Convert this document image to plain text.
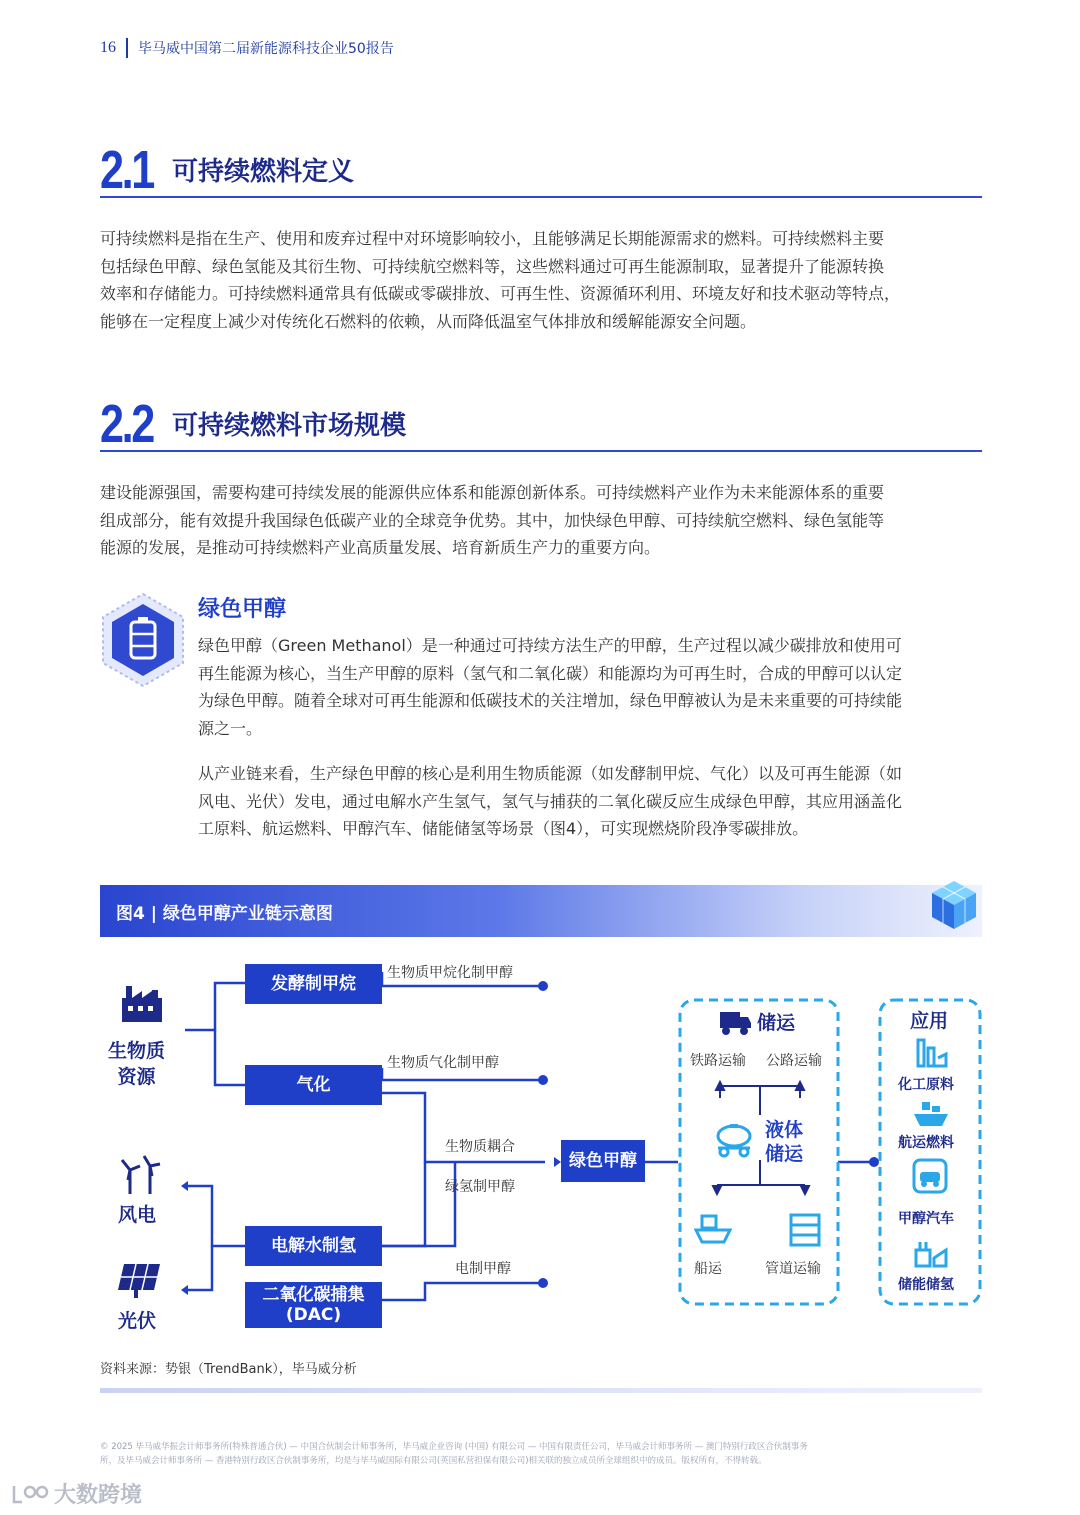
16	毕马威中国第二届新能源科技企业50报告
2.1 可持续燃料定义
可持续燃料是指在生产、使用和废弃过程中对环境影响较小，且能够满足长期能源需求的燃料。可持续燃料主要
包括绿色甲醇、绿色氢能及其衍生物、可持续航空燃料等，这些燃料通过可再生能源制取，显著提升了能源转换
效率和存储能力。可持续燃料通常具有低碳或零碳排放、可再生性、资源循环利用、环境友好和技术驱动等特点，
能够在一定程度上减少对传统化石燃料的依赖，从而降低温室气体排放和缓解能源安全问题。
2.2 可持续燃料市场规模
建设能源强国，需要构建可持续发展的能源供应体系和能源创新体系。可持续燃料产业作为未来能源体系的重要
组成部分，能有效提升我国绿色低碳产业的全球竞争优势。其中，加快绿色甲醇、可持续航空燃料、绿色氢能等
能源的发展，是推动可持续燃料产业高质量发展、培育新质生产力的重要方向。
绿色甲醇
绿色甲醇（Green Methanol）是一种通过可持续方法生产的甲醇，生产过程以减少碳排放和使用可
再生能源为核心，当生产甲醇的原料（氢气和二氧化碳）和能源均为可再生时，合成的甲醇可以认定
为绿色甲醇。随着全球对可再生能源和低碳技术的关注增加，绿色甲醇被认为是未来重要的可持续能
源之一。
从产业链来看，生产绿色甲醇的核心是利用生物质能源（如发酵制甲烷、气化）以及可再生能源（如
风电、光伏）发电，通过电解水产生氢气，氢气与捕获的二氧化碳反应生成绿色甲醇，其应用涵盖化
工原料、航运燃料、甲醇汽车、储能储氢等场景（图4），可实现燃烧阶段净零碳排放。
图4 | 绿色甲醇产业链示意图
生物质
资源
风电
光伏
发酵制甲烷
气化
电解水制氢
二氧化碳捕集
(DAC)
生物质甲烷化制甲醇
生物质气化制甲醇
生物质耦合
绿氢制甲醇
电制甲醇
绿色甲醇
储运
铁路运输 公路运输
液体
储运
船运	管道运输
应用
化工原料
航运燃料
甲醇汽车
储能储氢
资料来源：势银（TrendBank），毕马威分析
© 2025 毕马威华振会计师事务所(特殊普通合伙) — 中国合伙制会计师事务所，毕马威企业咨询 (中国) 有限公司 — 中国有限责任公司，毕马威会计师事务所 — 澳门特别行政区合伙制事务
所，及毕马威会计师事务所 — 香港特别行政区合伙制事务所，均是与毕马威国际有限公司(英国私营担保有限公司)相关联的独立成员所全球组织中的成员。版权所有，不得转载。
大数跨境
